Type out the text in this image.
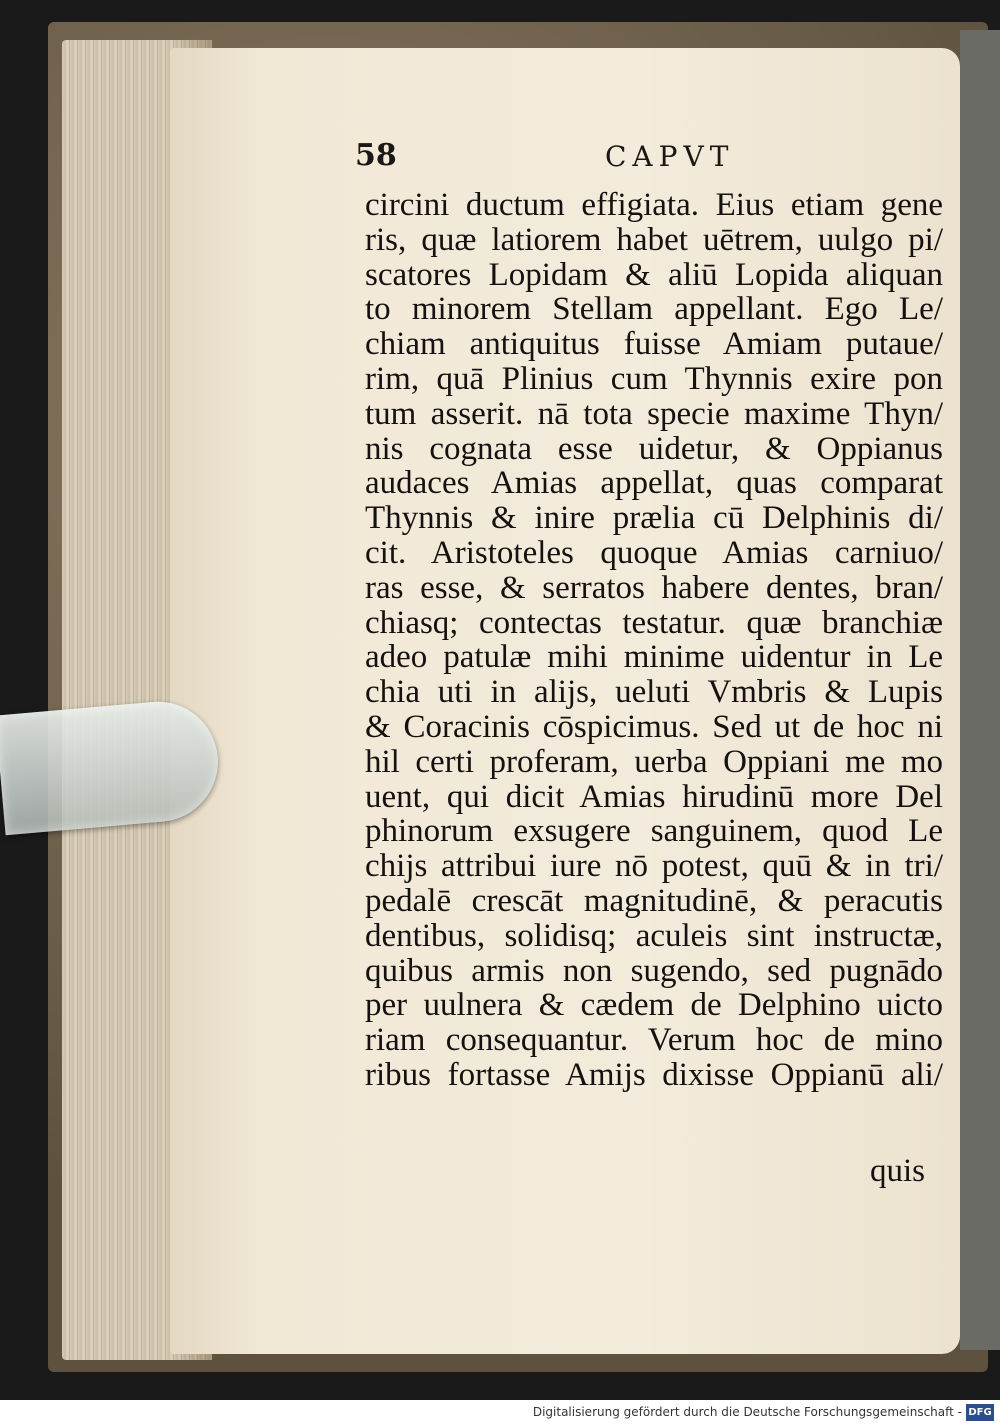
58	CAPVT
circini ductum effigiata. Eius etiam gene
ris, quæ latiorem habet uētrem, uulgo pi/
scatores Lopidam & aliū Lopida aliquan
to minorem Stellam appellant. Ego Le/
chiam antiquitus fuisse Amiam putaue/
rim, quā Plinius cum Thynnis exire pon
tum asserit. nā tota specie maxime Thyn/
nis cognata esse uidetur, & Oppianus
audaces Amias appellat, quas comparat
Thynnis & inire prælia cū Delphinis di/
cit. Aristoteles quoque Amias carniuo/
ras esse, & serratos habere dentes, bran/
chiasq; contectas testatur. quæ branchiæ
adeo patulæ mihi minime uidentur in Le
chia uti in alijs, ueluti Vmbris & Lupis
& Coracinis cōspicimus. Sed ut de hoc ni
hil certi proferam, uerba Oppiani me mo
uent, qui dicit Amias hirudinū more Del
phinorum exsugere sanguinem, quod Le
chijs attribui iure nō potest, quū & in tri/
pedalē crescāt magnitudinē, & peracutis
dentibus, solidisq; aculeis sint instructæ,
quibus armis non sugendo, sed pugnādo
per uulnera & cædem de Delphino uicto
riam consequantur. Verum hoc de mino
ribus fortasse Amijs dixisse Oppianū ali/
quis
Digitalisierung gefördert durch die Deutsche Forschungsgemeinschaft - DFG
